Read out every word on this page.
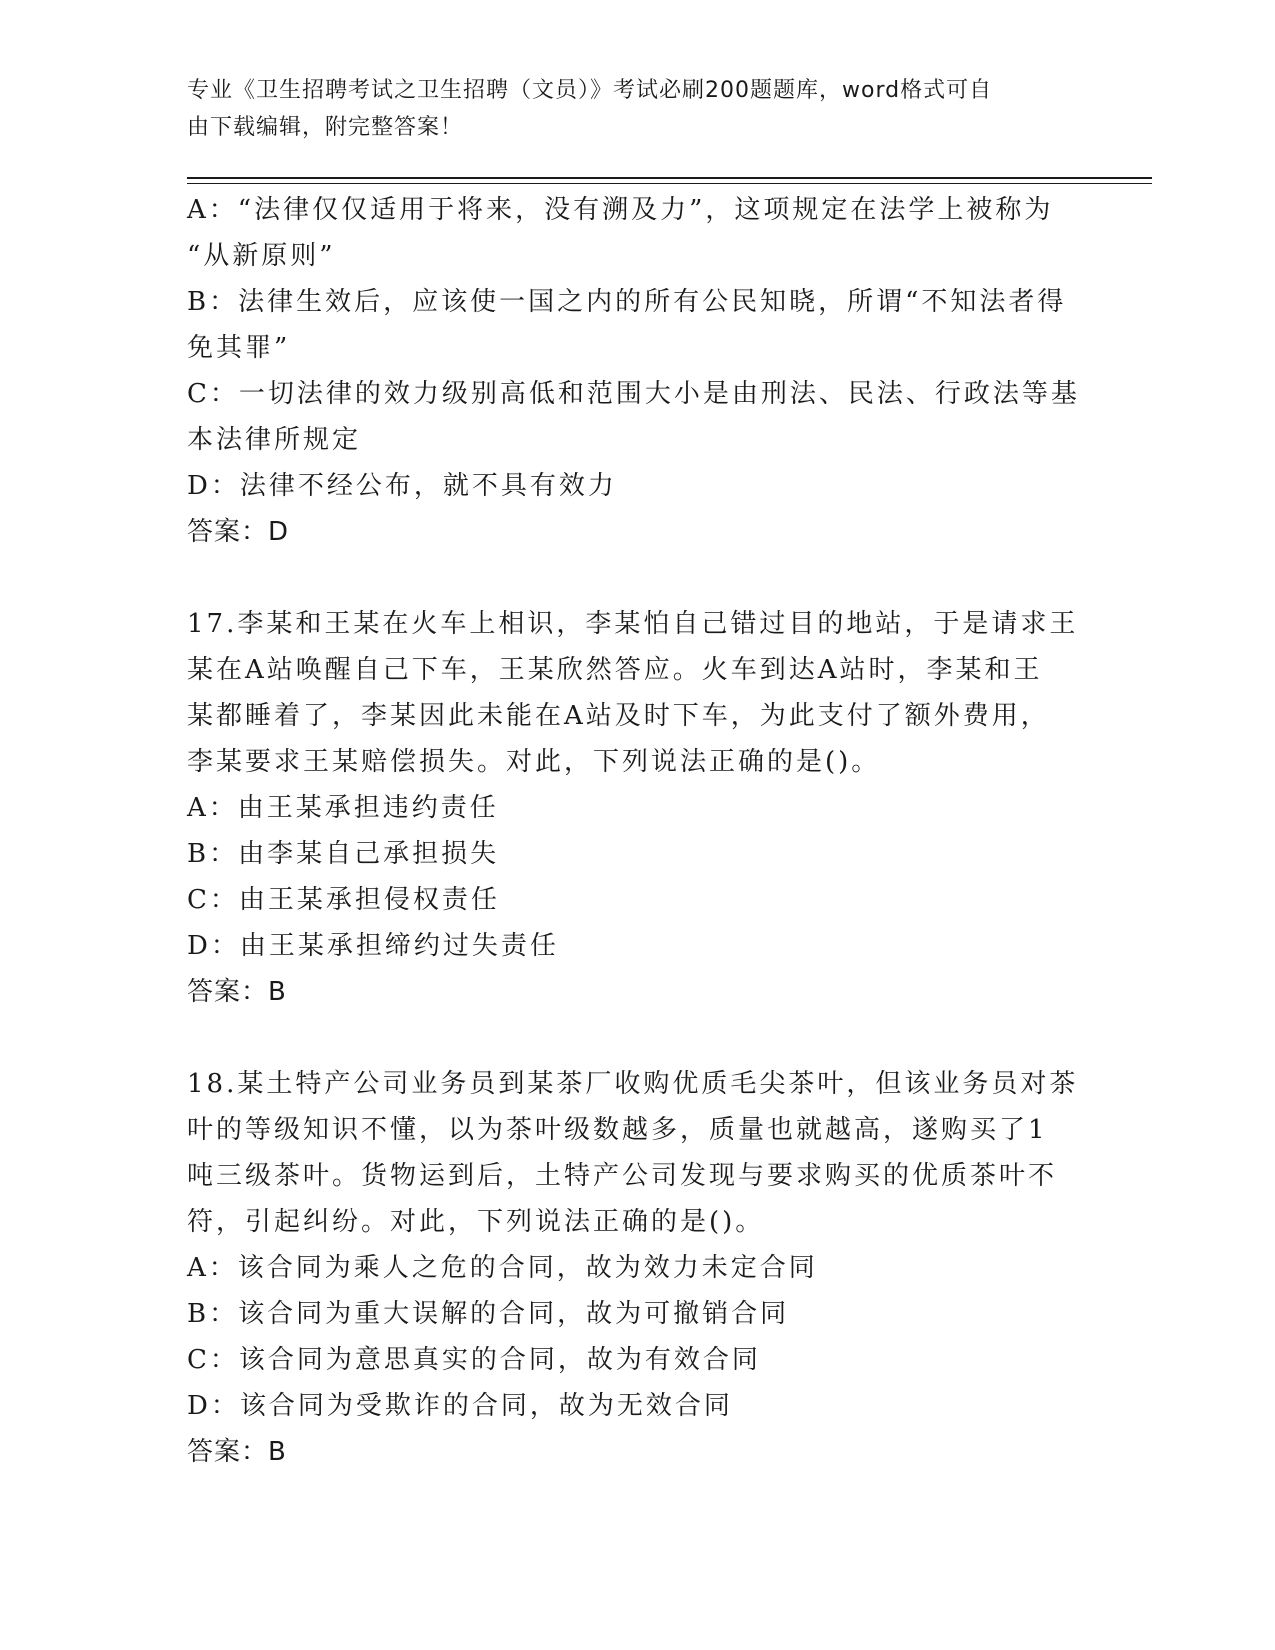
专业《卫生招聘考试之卫生招聘（文员）》考试必刷200题题库，word格式可自
由下载编辑，附完整答案！
A：“法律仅仅适用于将来，没有溯及力”，这项规定在法学上被称为
“从新原则”
B：法律生效后，应该使一国之内的所有公民知晓，所谓“不知法者得
免其罪”
C：一切法律的效力级别高低和范围大小是由刑法、民法、行政法等基
本法律所规定
D：法律不经公布，就不具有效力
答案：D
17.李某和王某在火车上相识，李某怕自己错过目的地站，于是请求王
某在A站唤醒自己下车，王某欣然答应。火车到达A站时，李某和王
某都睡着了，李某因此未能在A站及时下车，为此支付了额外费用，
李某要求王某赔偿损失。对此，下列说法正确的是()。
A：由王某承担违约责任
B：由李某自己承担损失
C：由王某承担侵权责任
D：由王某承担缔约过失责任
答案：B
18.某土特产公司业务员到某茶厂收购优质毛尖茶叶，但该业务员对茶
叶的等级知识不懂，以为茶叶级数越多，质量也就越高，遂购买了1
吨三级茶叶。货物运到后，土特产公司发现与要求购买的优质茶叶不
符，引起纠纷。对此，下列说法正确的是()。
A：该合同为乘人之危的合同，故为效力未定合同
B：该合同为重大误解的合同，故为可撤销合同
C：该合同为意思真实的合同，故为有效合同
D：该合同为受欺诈的合同，故为无效合同
答案：B
